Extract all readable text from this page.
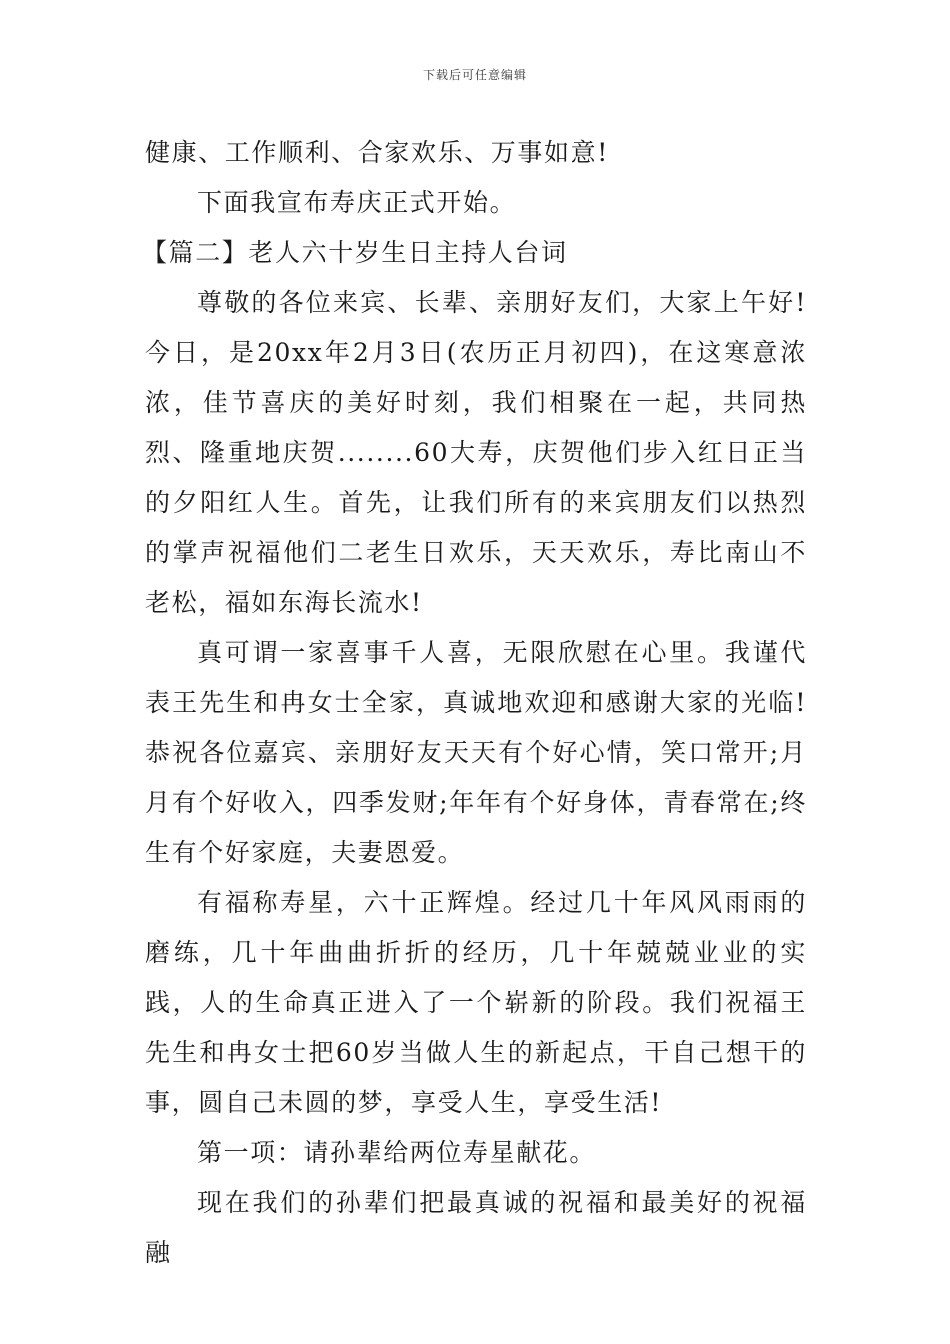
下载后可任意编辑

健康、工作顺利、合家欢乐、万事如意!

下面我宣布寿庆正式开始。

【篇二】老人六十岁生日主持人台词

尊敬的各位来宾、长辈、亲朋好友们，大家上午好!今日，是20xx年2月3日(农历正月初四)，在这寒意浓浓，佳节喜庆的美好时刻，我们相聚在一起，共同热烈、隆重地庆贺........60大寿，庆贺他们步入红日正当的夕阳红人生。首先，让我们所有的来宾朋友们以热烈的掌声祝福他们二老生日欢乐，天天欢乐，寿比南山不老松，福如东海长流水!

真可谓一家喜事千人喜，无限欣慰在心里。我谨代表王先生和冉女士全家，真诚地欢迎和感谢大家的光临!恭祝各位嘉宾、亲朋好友天天有个好心情，笑口常开;月月有个好收入，四季发财;年年有个好身体，青春常在;终生有个好家庭，夫妻恩爱。

有福称寿星，六十正辉煌。经过几十年风风雨雨的磨练，几十年曲曲折折的经历，几十年兢兢业业的实践，人的生命真正进入了一个崭新的阶段。我们祝福王先生和冉女士把60岁当做人生的新起点，干自己想干的事，圆自己未圆的梦，享受人生，享受生活!

第一项：请孙辈给两位寿星献花。

现在我们的孙辈们把最真诚的祝福和最美好的祝福融
